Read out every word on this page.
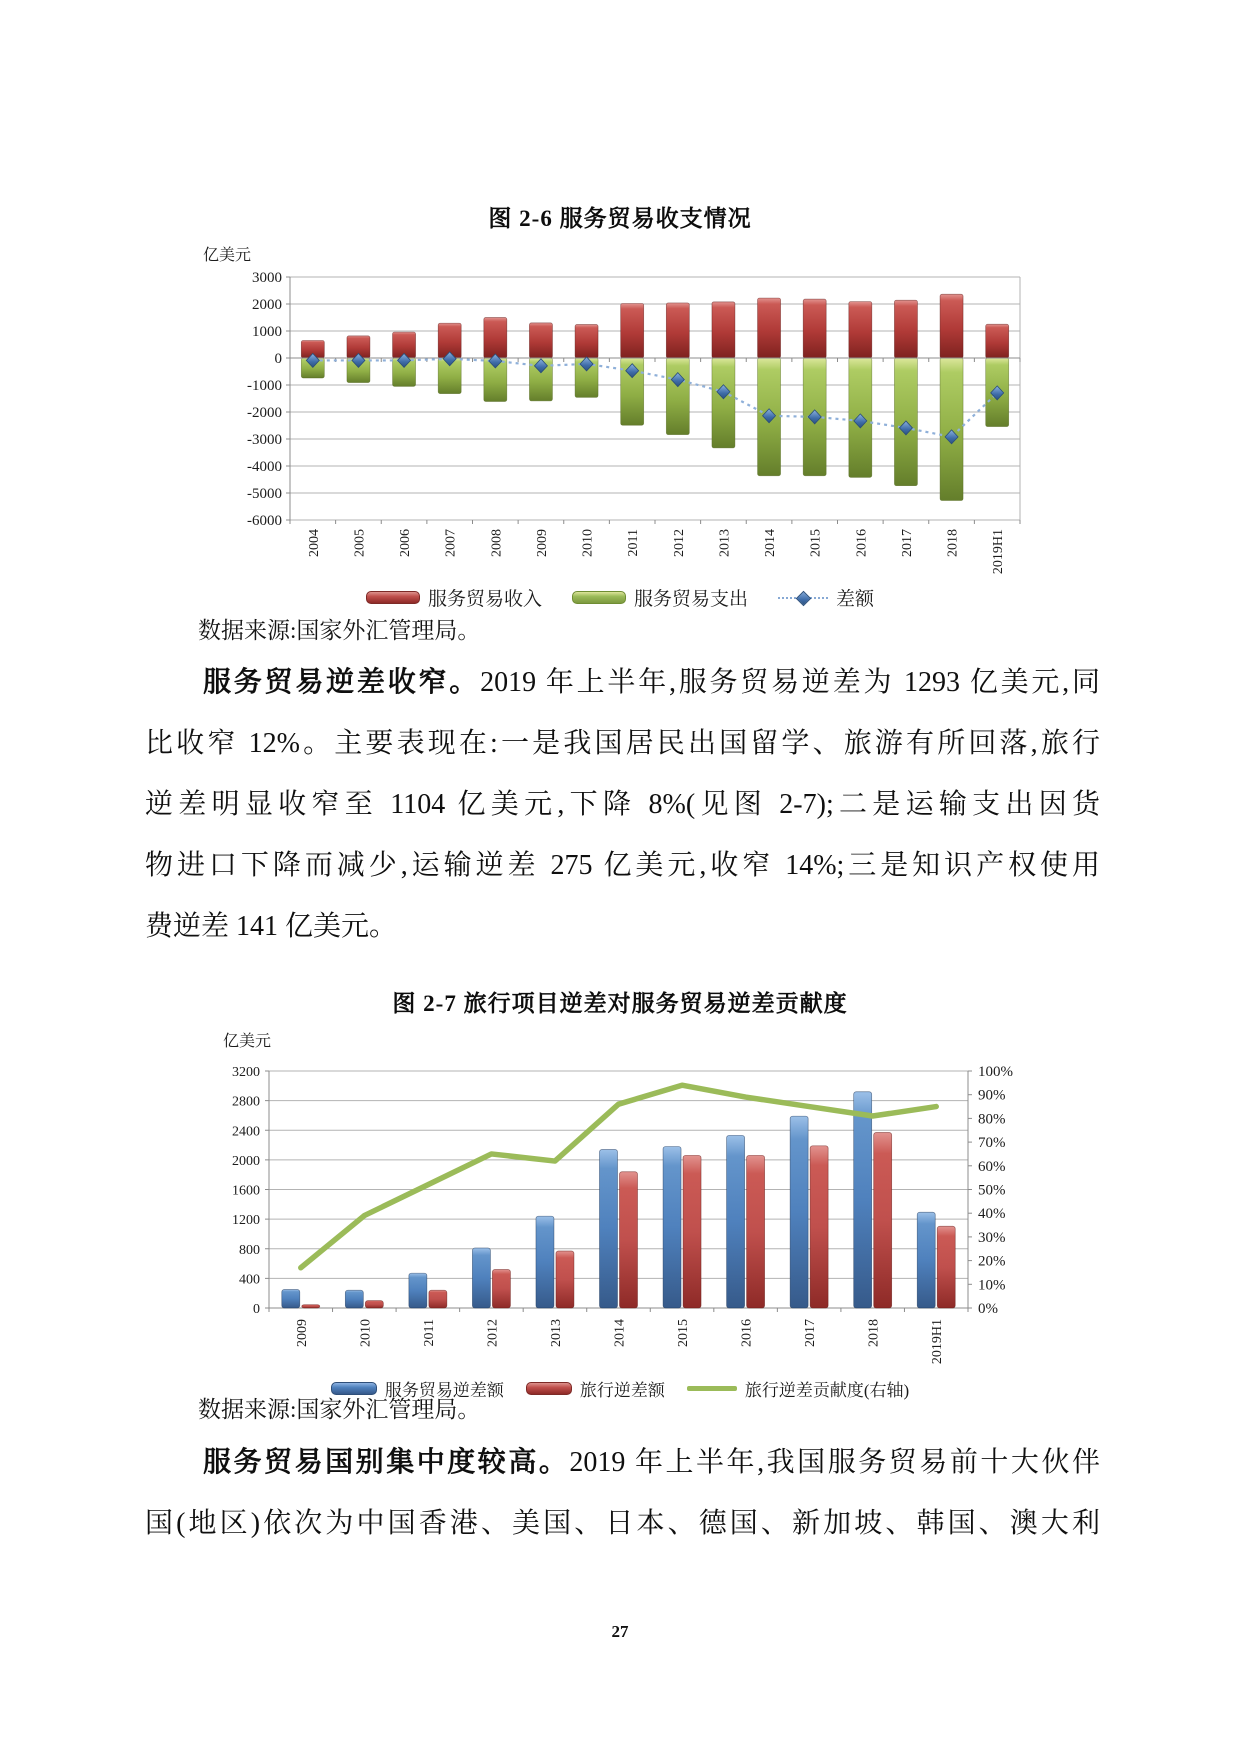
图 2-6 服务贸易收支情况
3000
2000
1000
0
-1000
-2000
-3000
-4000
-5000
-6000
亿美元
2004 2005 2006 2007 2008 2009 2010 2011 2012 2013 2014 2015 2016 2017 2018 2019H1
服务贸易收入	服务贸易支出	差额
数据来源:国家外汇管理局。
服务贸易逆差收窄。2019 年上半年,服务贸易逆差为 1293 亿美元,同
比收窄 12%。主要表现在:一是我国居民出国留学、旅游有所回落,旅行
逆差明显收窄至 1104 亿美元,下降 8%(见图 2-7);二是运输支出因货
物进口下降而减少,运输逆差 275 亿美元,收窄 14%;三是知识产权使用
费逆差 141 亿美元。
图 2-7 旅行项目逆差对服务贸易逆差贡献度
3200
2800
2400
2000
1600
1200
800
400
0
100%
90%
80%
70%
60%
50%
40%
30%
20%
10%
0%
亿美元
2009	2010	2011	2012	2013	2014	2015	2016	2017	2018	2019H1
服务贸易逆差额	旅行逆差额	旅行逆差贡献度(右轴)
数据来源:国家外汇管理局。
服务贸易国别集中度较高。2019 年上半年,我国服务贸易前十大伙伴
国(地区)依次为中国香港、美国、日本、德国、新加坡、韩国、澳大利
27
